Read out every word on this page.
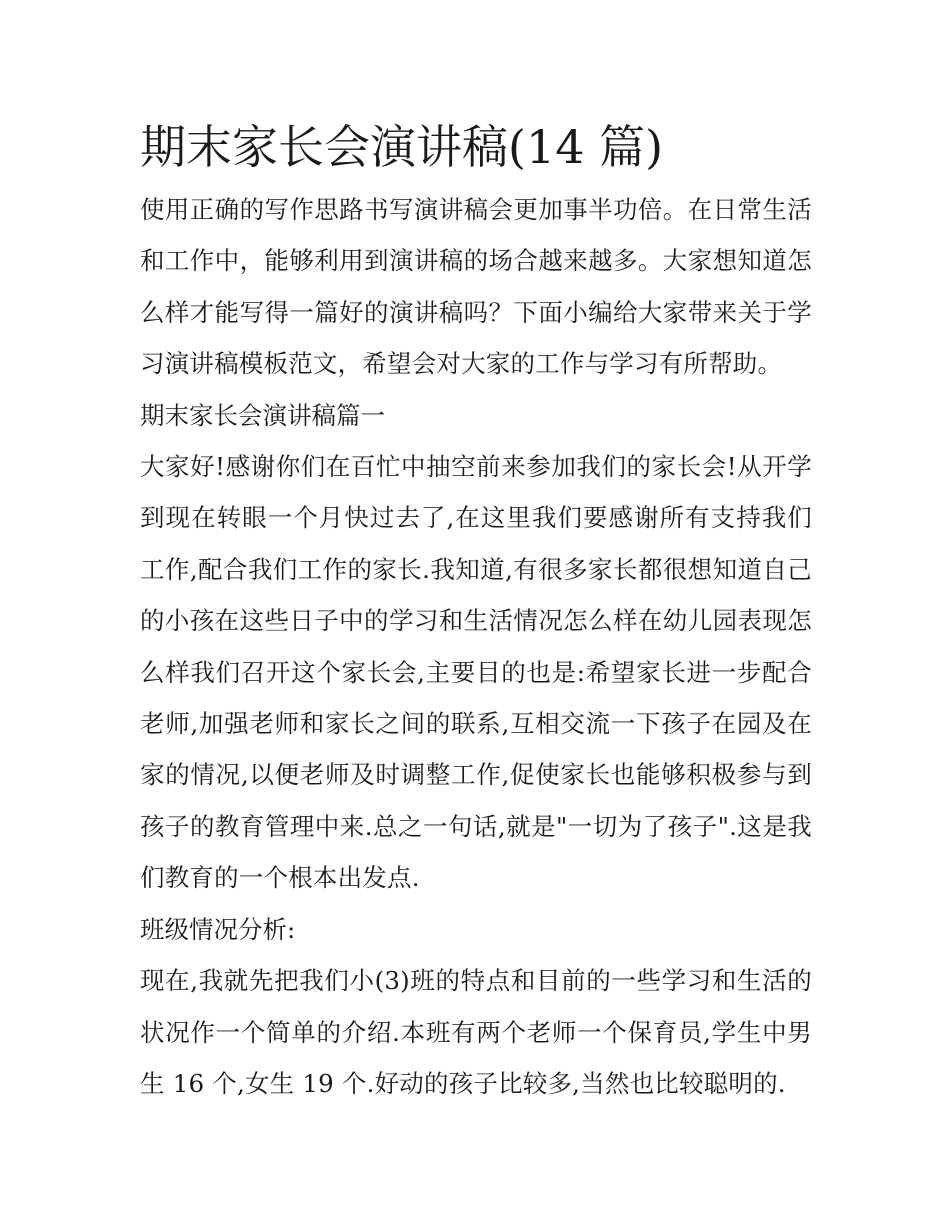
期末家长会演讲稿(14 篇)

使用正确的写作思路书写演讲稿会更加事半功倍。在日常生活和工作中，能够利用到演讲稿的场合越来越多。大家想知道怎么样才能写得一篇好的演讲稿吗？下面小编给大家带来关于学习演讲稿模板范文，希望会对大家的工作与学习有所帮助。

期末家长会演讲稿篇一

大家好!感谢你们在百忙中抽空前来参加我们的家长会!从开学到现在转眼一个月快过去了,在这里我们要感谢所有支持我们工作,配合我们工作的家长.我知道,有很多家长都很想知道自己的小孩在这些日子中的学习和生活情况怎么样在幼儿园表现怎么样我们召开这个家长会,主要目的也是:希望家长进一步配合老师,加强老师和家长之间的联系,互相交流一下孩子在园及在家的情况,以便老师及时调整工作,促使家长也能够积极参与到孩子的教育管理中来.总之一句话,就是"一切为了孩子".这是我们教育的一个根本出发点.

班级情况分析:

现在,我就先把我们小(3)班的特点和目前的一些学习和生活的状况作一个简单的介绍.本班有两个老师一个保育员,学生中男生 16 个,女生 19 个.好动的孩子比较多,当然也比较聪明的.
